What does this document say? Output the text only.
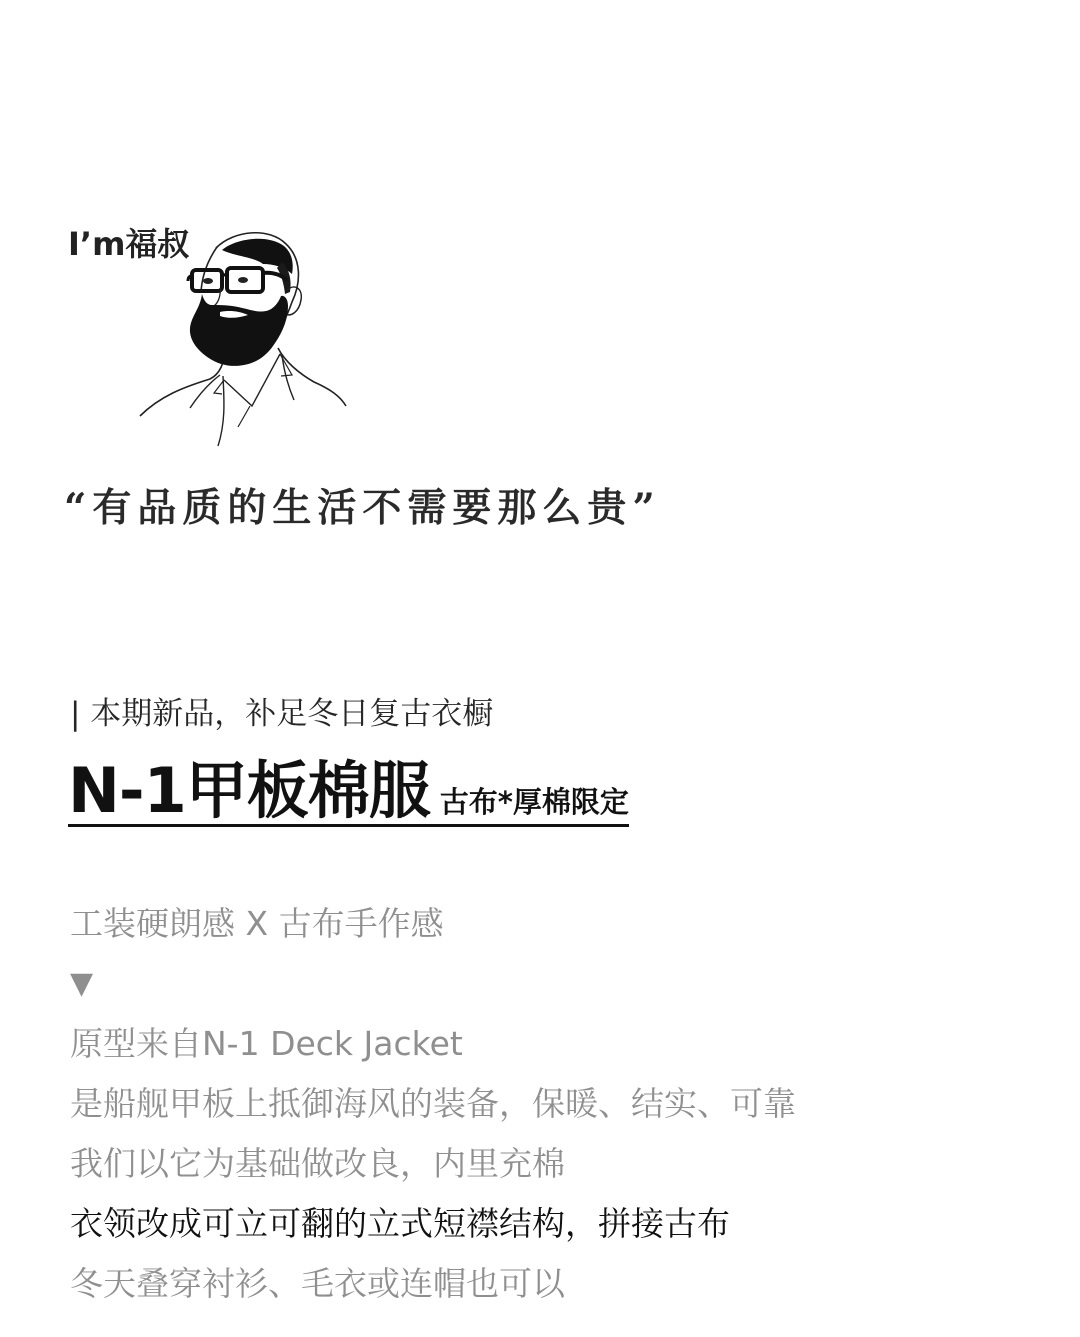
I’m福叔
“有品质的生活不需要那么贵”
| 本期新品，补足冬日复古衣橱
N-1甲板棉服 古布*厚棉限定
工装硬朗感 X 古布手作感
▼
原型来自N-1 Deck Jacket
是船舰甲板上抵御海风的装备，保暖、结实、可靠
我们以它为基础做改良，内里充棉
衣领改成可立可翻的立式短襟结构，拼接古布
冬天叠穿衬衫、毛衣或连帽也可以
